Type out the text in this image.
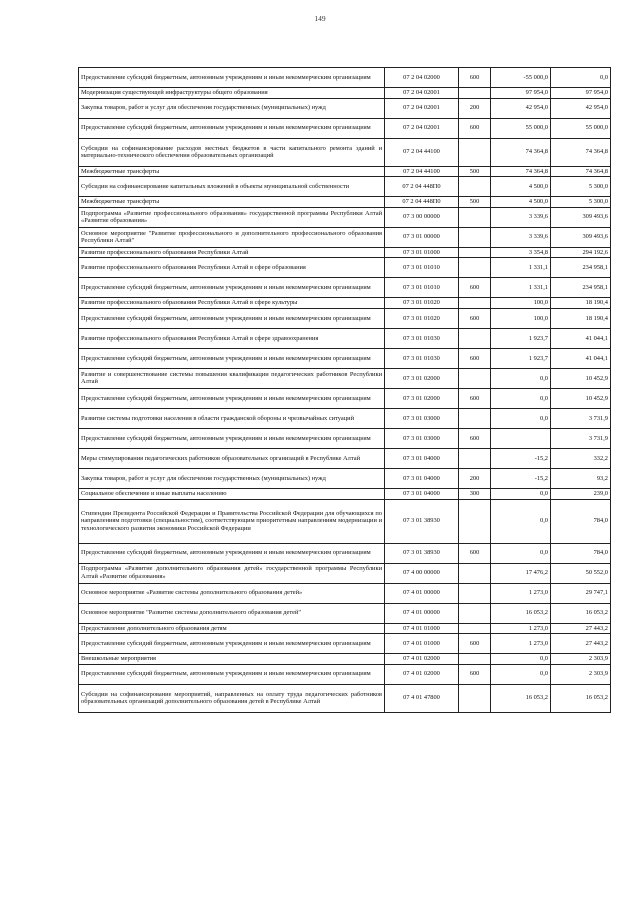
149
Предоставление субсидий бюджетным, автономным учреждениям и иным некоммерческим организациям	07 2 04 02000	600	-55 000,0	0,0
Модернизация существующей инфраструктуры общего образования	07 2 04 02001		97 954,0	97 954,0
Закупка товаров, работ и услуг для обеспечения государственных (муниципальных) нужд	07 2 04 02001	200	42 954,0	42 954,0
Предоставление субсидий бюджетным, автономным учреждениям и иным некоммерческим организациям	07 2 04 02001	600	55 000,0	55 000,0
Субсидии на софинансирование расходов местных бюджетов в части капитального ремонта зданий и материально-технического обеспечения образовательных организаций	07 2 04 44100		74 364,8	74 364,8
Межбюджетные трансферты	07 2 04 44100	500	74 364,8	74 364,8
Субсидии на софинансирование капитальных вложений в объекты муниципальной собственности	07 2 04 448П0		4 500,0	5 300,0
Межбюджетные трансферты	07 2 04 448П0	500	4 500,0	5 300,0
Подпрограмма «Развитие профессионального образования» государственной программы Республики Алтай «Развитие образования»	07 3 00 00000		3 339,6	309 493,6
Основное мероприятие "Развитие профессионального и дополнительного профессионального образования Республики Алтай"	07 3 01 00000		3 339,6	309 493,6
Развитие профессионального образования Республики Алтай	07 3 01 01000		3 354,8	294 192,6
Развитие профессионального образования Республики Алтай в сфере образования	07 3 01 01010		1 331,1	234 958,1
Предоставление субсидий бюджетным, автономным учреждениям и иным некоммерческим организациям	07 3 01 01010	600	1 331,1	234 958,1
Развитие профессионального образования Республики Алтай в сфере культуры	07 3 01 01020		100,0	18 190,4
Предоставление субсидий бюджетным, автономным учреждениям и иным некоммерческим организациям	07 3 01 01020	600	100,0	18 190,4
Развитие профессионального образования Республики Алтай в сфере здравоохранения	07 3 01 01030		1 923,7	41 044,1
Предоставление субсидий бюджетным, автономным учреждениям и иным некоммерческим организациям	07 3 01 01030	600	1 923,7	41 044,1
Развитие и совершенствование системы повышения квалификации педагогических работников Республики Алтай	07 3 01 02000		0,0	10 452,9
Предоставление субсидий бюджетным, автономным учреждениям и иным некоммерческим организациям	07 3 01 02000	600	0,0	10 452,9
Развитие системы подготовки населения в области гражданской обороны и чрезвычайных ситуаций	07 3 01 03000		0,0	3 731,9
Предоставление субсидий бюджетным, автономным учреждениям и иным некоммерческим организациям	07 3 01 03000	600		3 731,9
Меры стимулирования педагогических работников образовательных организаций в Республике Алтай	07 3 01 04000		-15,2	332,2
Закупка товаров, работ и услуг для обеспечения государственных (муниципальных) нужд	07 3 01 04000	200	-15,2	93,2
Социальное обеспечение и иные выплаты населению	07 3 01 04000	300	0,0	239,0
Стипендии Президента Российской Федерации и Правительства Российской Федерации для обучающихся по направлениям подготовки (специальностям), соответствующим приоритетным направлениям модернизации и технологического развития экономики Российской Федерации	07 3 01 38930		0,0	784,0
Предоставление субсидий бюджетным, автономным учреждениям и иным некоммерческим организациям	07 3 01 38930	600	0,0	784,0
Подпрограмма «Развитие дополнительного образования детей» государственной программы Республики Алтай «Развитие образования»	07 4 00 00000		17 476,2	50 552,0
Основное мероприятие «Развитие системы дополнительного образования детей»	07 4 01 00000		1 273,0	29 747,1
Основное мероприятие "Развитие системы дополнительного образования детей"	07 4 01 00000		16 053,2	16 053,2
Предоставление дополнительного образования детям	07 4 01 01000		1 273,0	27 443,2
Предоставление субсидий бюджетным, автономным учреждениям и иным некоммерческим организациям	07 4 01 01000	600	1 273,0	27 443,2
Внешкольные мероприятия	07 4 01 02000		0,0	2 303,9
Предоставление субсидий бюджетным, автономным учреждениям и иным некоммерческим организациям	07 4 01 02000	600	0,0	2 303,9
Субсидии на софинансирование мероприятий, направленных на оплату труда педагогических работников образовательных организаций дополнительного образования детей в Республике Алтай	07 4 01 47800		16 053,2	16 053,2
